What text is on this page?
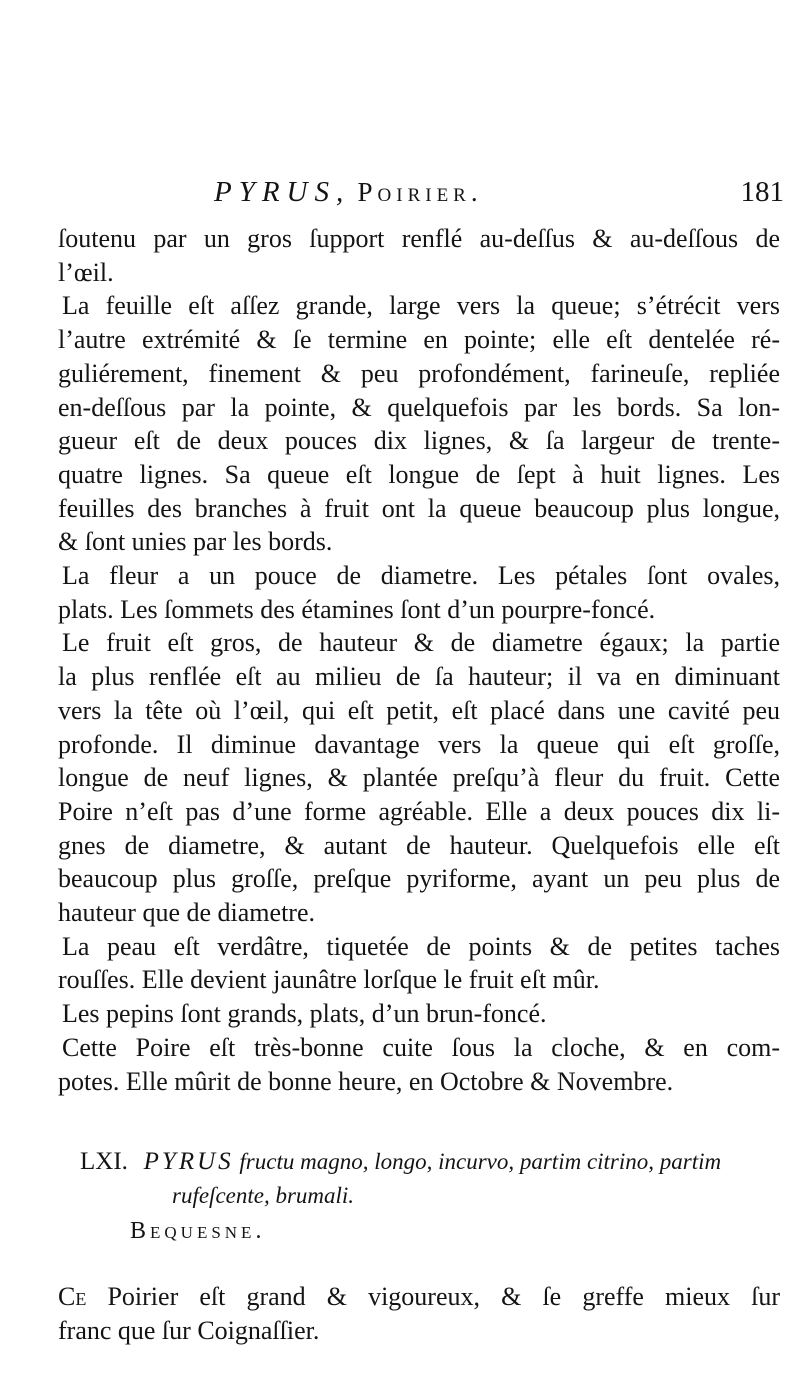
PYRUS, Poirier.	181
ſoutenu par un gros ſupport renflé au-deſſus & au-deſſous de
l’œil.
La feuille eſt aſſez grande, large vers la queue; s’étrécit vers
l’autre extrémité & ſe termine en pointe; elle eſt dentelée ré-
guliérement, finement & peu profondément, farineuſe, repliée
en-deſſous par la pointe, & quelquefois par les bords. Sa lon-
gueur eſt de deux pouces dix lignes, & ſa largeur de trente-
quatre lignes. Sa queue eſt longue de ſept à huit lignes. Les
feuilles des branches à fruit ont la queue beaucoup plus longue,
& ſont unies par les bords.
La fleur a un pouce de diametre. Les pétales ſont ovales,
plats. Les ſommets des étamines ſont d’un pourpre-foncé.
Le fruit eſt gros, de hauteur & de diametre égaux; la partie
la plus renflée eſt au milieu de ſa hauteur; il va en diminuant
vers la tête où l’œil, qui eſt petit, eſt placé dans une cavité peu
profonde. Il diminue davantage vers la queue qui eſt groſſe,
longue de neuf lignes, & plantée preſqu’à fleur du fruit. Cette
Poire n’eſt pas d’une forme agréable. Elle a deux pouces dix li-
gnes de diametre, & autant de hauteur. Quelquefois elle eſt
beaucoup plus groſſe, preſque pyriforme, ayant un peu plus de
hauteur que de diametre.
La peau eſt verdâtre, tiquetée de points & de petites taches
rouſſes. Elle devient jaunâtre lorſque le fruit eſt mûr.
Les pepins ſont grands, plats, d’un brun-foncé.
Cette Poire eſt très-bonne cuite ſous la cloche, & en com-
potes. Elle mûrit de bonne heure, en Octobre & Novembre.
LXI. PYRUS fructu magno, longo, incurvo, partim citrino, partim
rufeſcente, brumali.
Bequesne.
Ce Poirier eſt grand & vigoureux, & ſe greffe mieux ſur
franc que ſur Coignaſſier.
